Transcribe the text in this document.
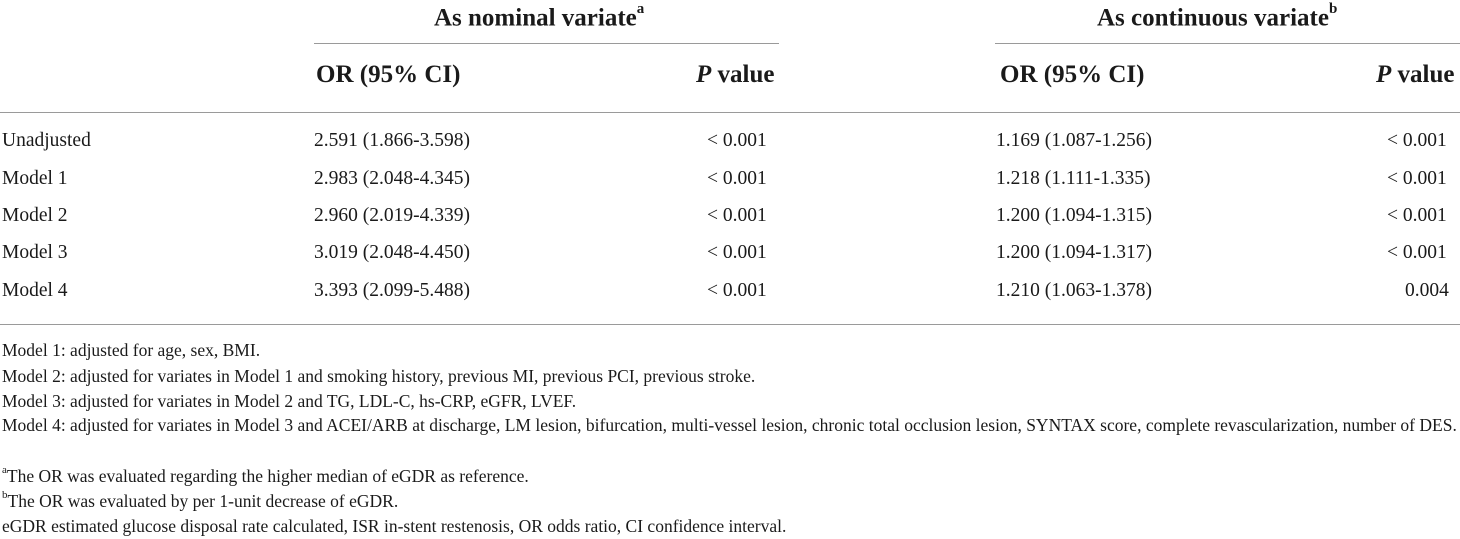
As nominal variate$^a$	As continuous variate$^b$
OR (95% CI)	P value	OR (95% CI)	P value
Unadjusted	2.591 (1.866-3.598)	< 0.001	1.169 (1.087-1.256)	< 0.001
Model 1	2.983 (2.048-4.345)	< 0.001	1.218 (1.111-1.335)	< 0.001
Model 2	2.960 (2.019-4.339)	< 0.001	1.200 (1.094-1.315)	< 0.001
Model 3	3.019 (2.048-4.450)	< 0.001	1.200 (1.094-1.317)	< 0.001
Model 4	3.393 (2.099-5.488)	< 0.001	1.210 (1.063-1.378)	0.004
Model 1: adjusted for age, sex, BMI.
Model 2: adjusted for variates in Model 1 and smoking history, previous MI, previous PCI, previous stroke.
Model 3: adjusted for variates in Model 2 and TG, LDL-C, hs-CRP, eGFR, LVEF.
Model 4: adjusted for variates in Model 3 and ACEI/ARB at discharge, LM lesion, bifurcation, multi-vessel lesion, chronic total occlusion lesion, SYNTAX score, complete revascularization, number of DES.
$^a$The OR was evaluated regarding the higher median of eGDR as reference.
$^b$The OR was evaluated by per 1-unit decrease of eGDR.
eGDR estimated glucose disposal rate calculated, ISR in-stent restenosis, OR odds ratio, CI confidence interval.
